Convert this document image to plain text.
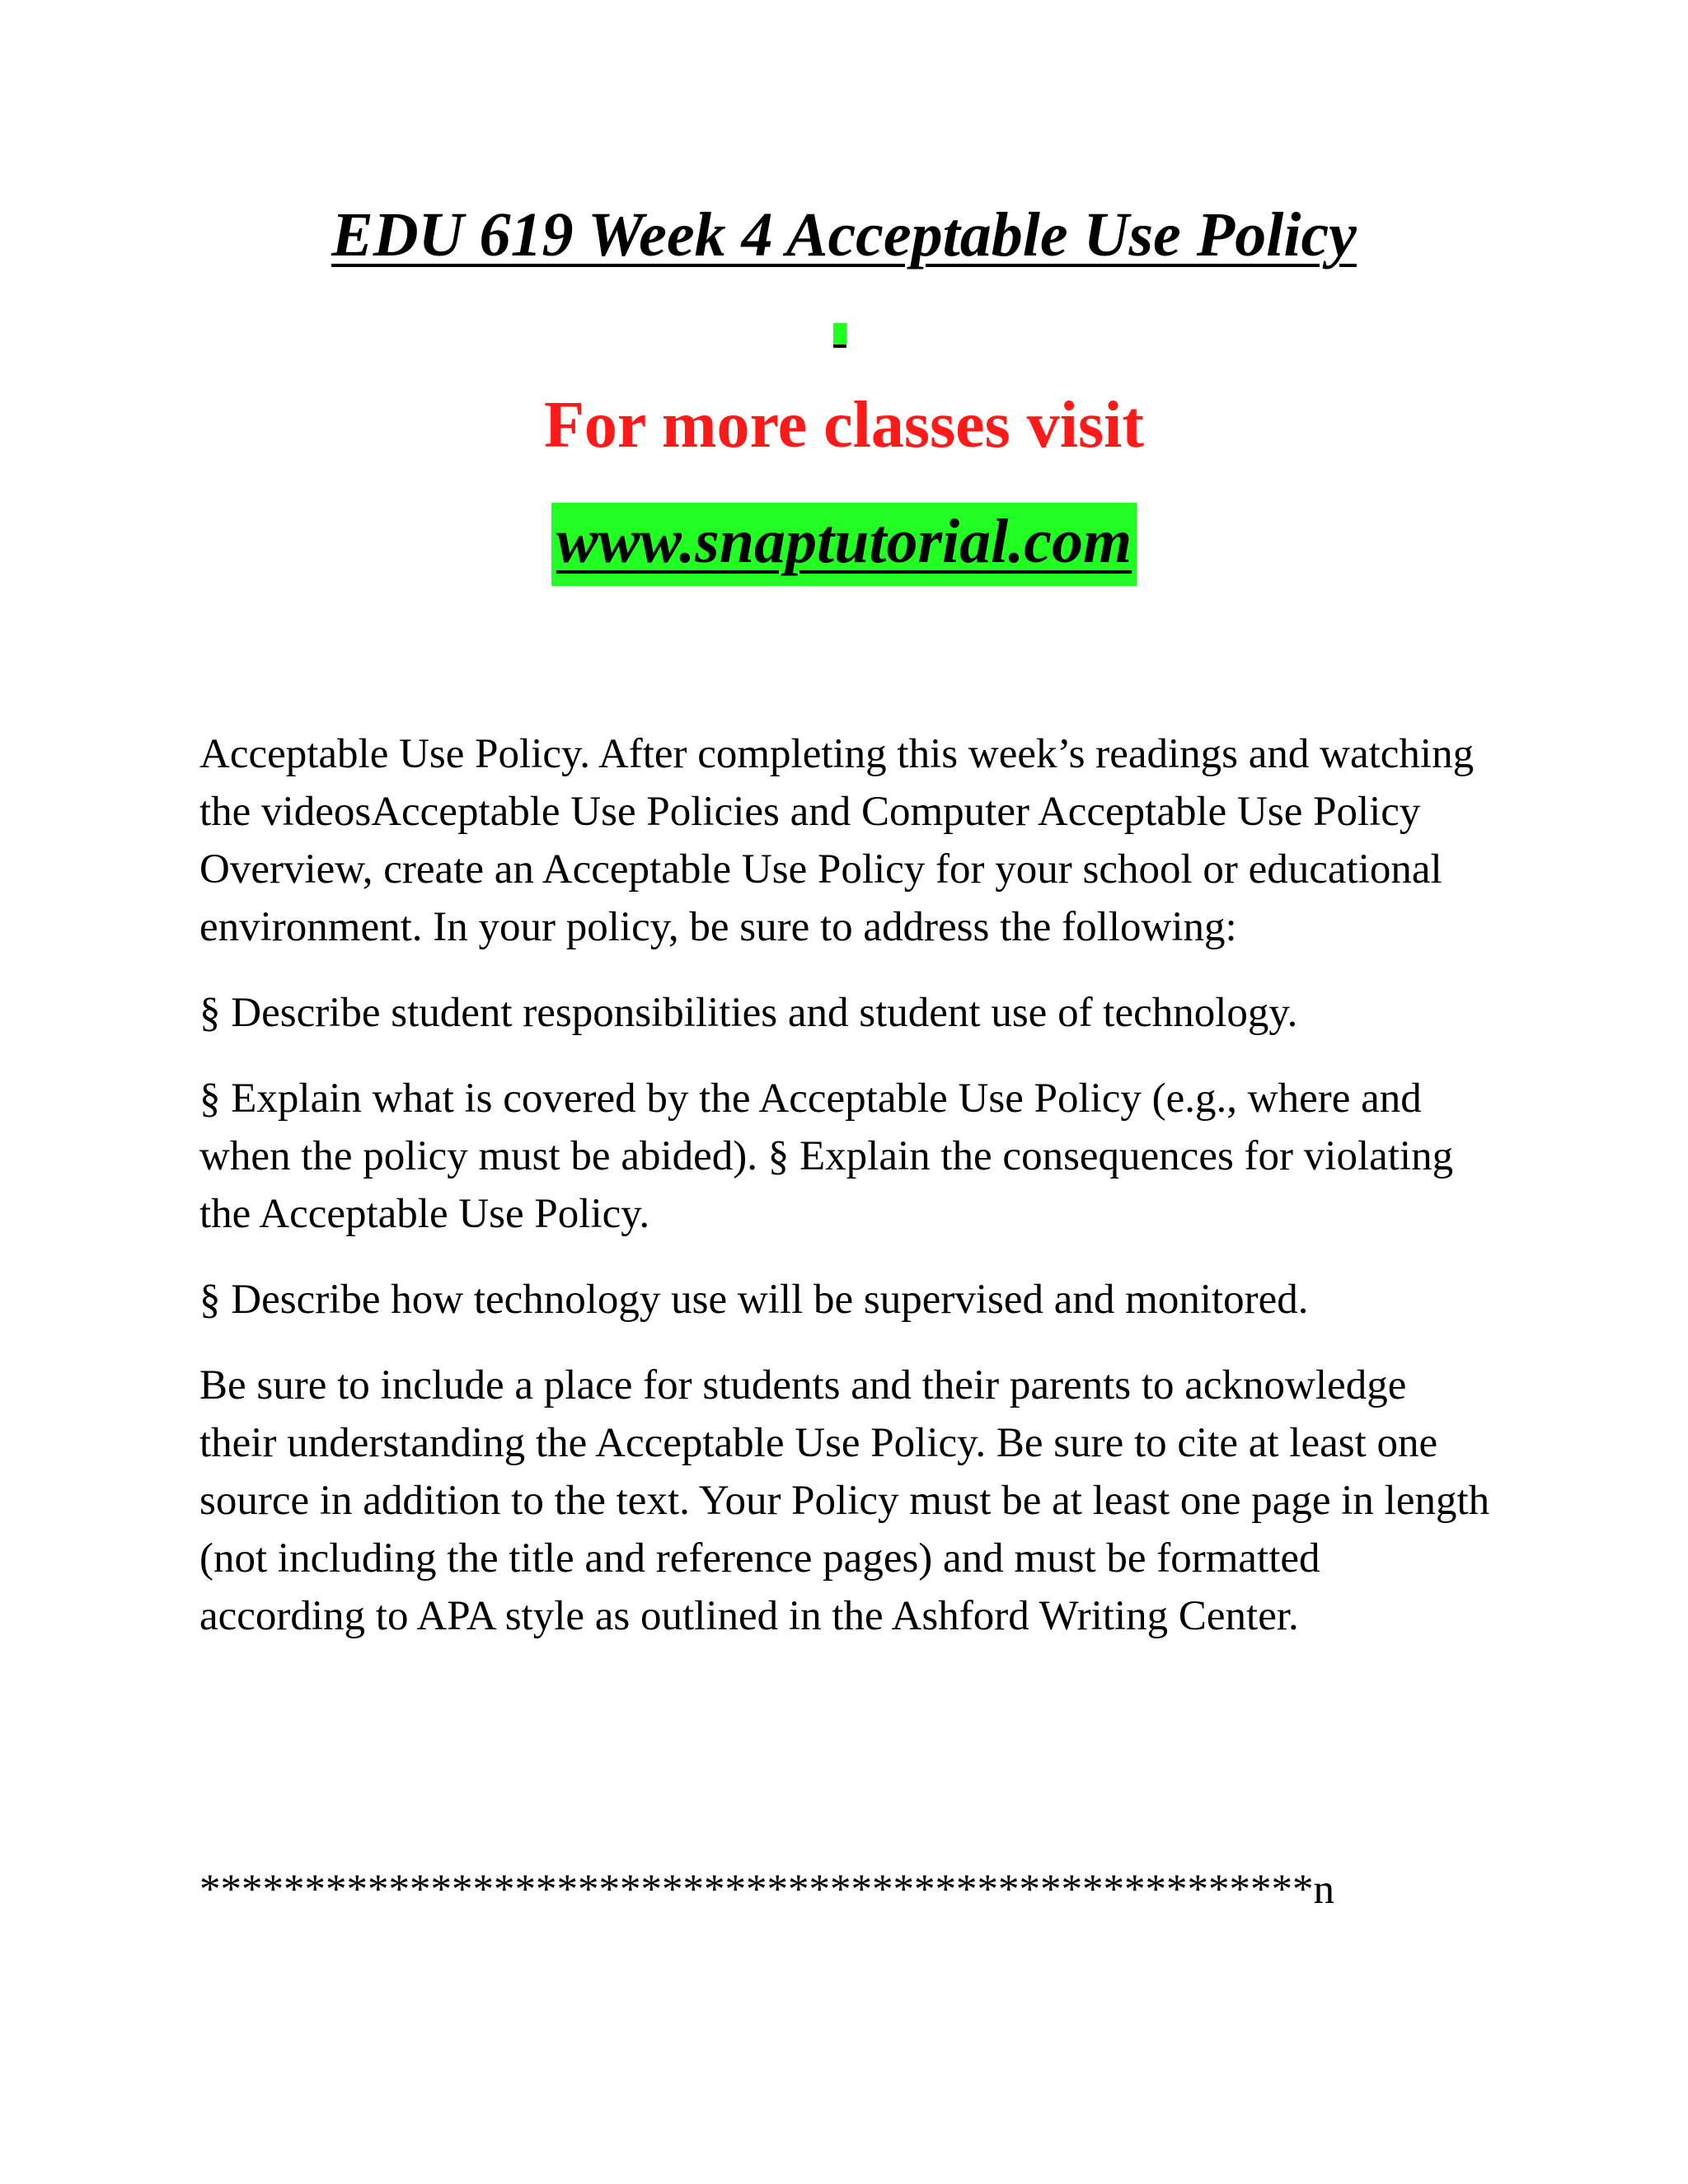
EDU 619 Week 4 Acceptable Use Policy
For more classes visit
www.snaptutorial.com

Acceptable Use Policy. After completing this week’s readings and watching the videosAcceptable Use Policies and Computer Acceptable Use Policy Overview, create an Acceptable Use Policy for your school or educational environment. In your policy, be sure to address the following:

§ Describe student responsibilities and student use of technology.

§ Explain what is covered by the Acceptable Use Policy (e.g., where and when the policy must be abided). § Explain the consequences for violating the Acceptable Use Policy.

§ Describe how technology use will be supervised and monitored.

Be sure to include a place for students and their parents to acknowledge their understanding the Acceptable Use Policy. Be sure to cite at least one source in addition to the text. Your Policy must be at least one page in length (not including the title and reference pages) and must be formatted according to APA style as outlined in the Ashford Writing Center.

*****************************************************n
